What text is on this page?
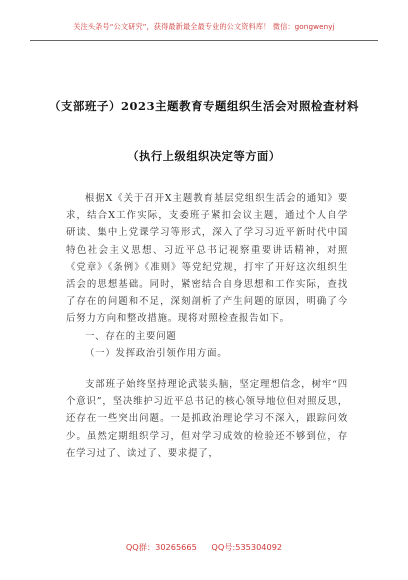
关注头条号“公文研究”，获得最新最全最专业的公文资料库！ 微信：gongwenyj
（支部班子）2023主题教育专题组织生活会对照检查材料
（执行上级组织决定等方面）

根据X《关于召开X主题教育基层党组织生活会的通知》要求，结合X工作实际，支委班子紧扣会议主题，通过个人自学研读、集中上党课学习等形式，深入了学习习近平新时代中国特色社会主义思想、习近平总书记视察重要讲话精神，对照《党章》《条例》《准则》等党纪党规，打牢了开好这次组织生活会的思想基础。同时，紧密结合自身思想和工作实际，查找了存在的问题和不足，深刻剖析了产生问题的原因，明确了今后努力方向和整改措施。现将对照检查报告如下。

一、存在的主要问题

（一）发挥政治引领作用方面。

支部班子始终坚持理论武装头脑，坚定理想信念，树牢“四个意识”，坚决维护习近平总书记的核心领导地位但对照反思，还存在一些突出问题。一是抓政治理论学习不深入，跟踪问效少。虽然定期组织学习，但对学习成效的检验还不够到位，存在学习过了、读过了、要求提了，

QQ群：30265665 QQ号:535304092
